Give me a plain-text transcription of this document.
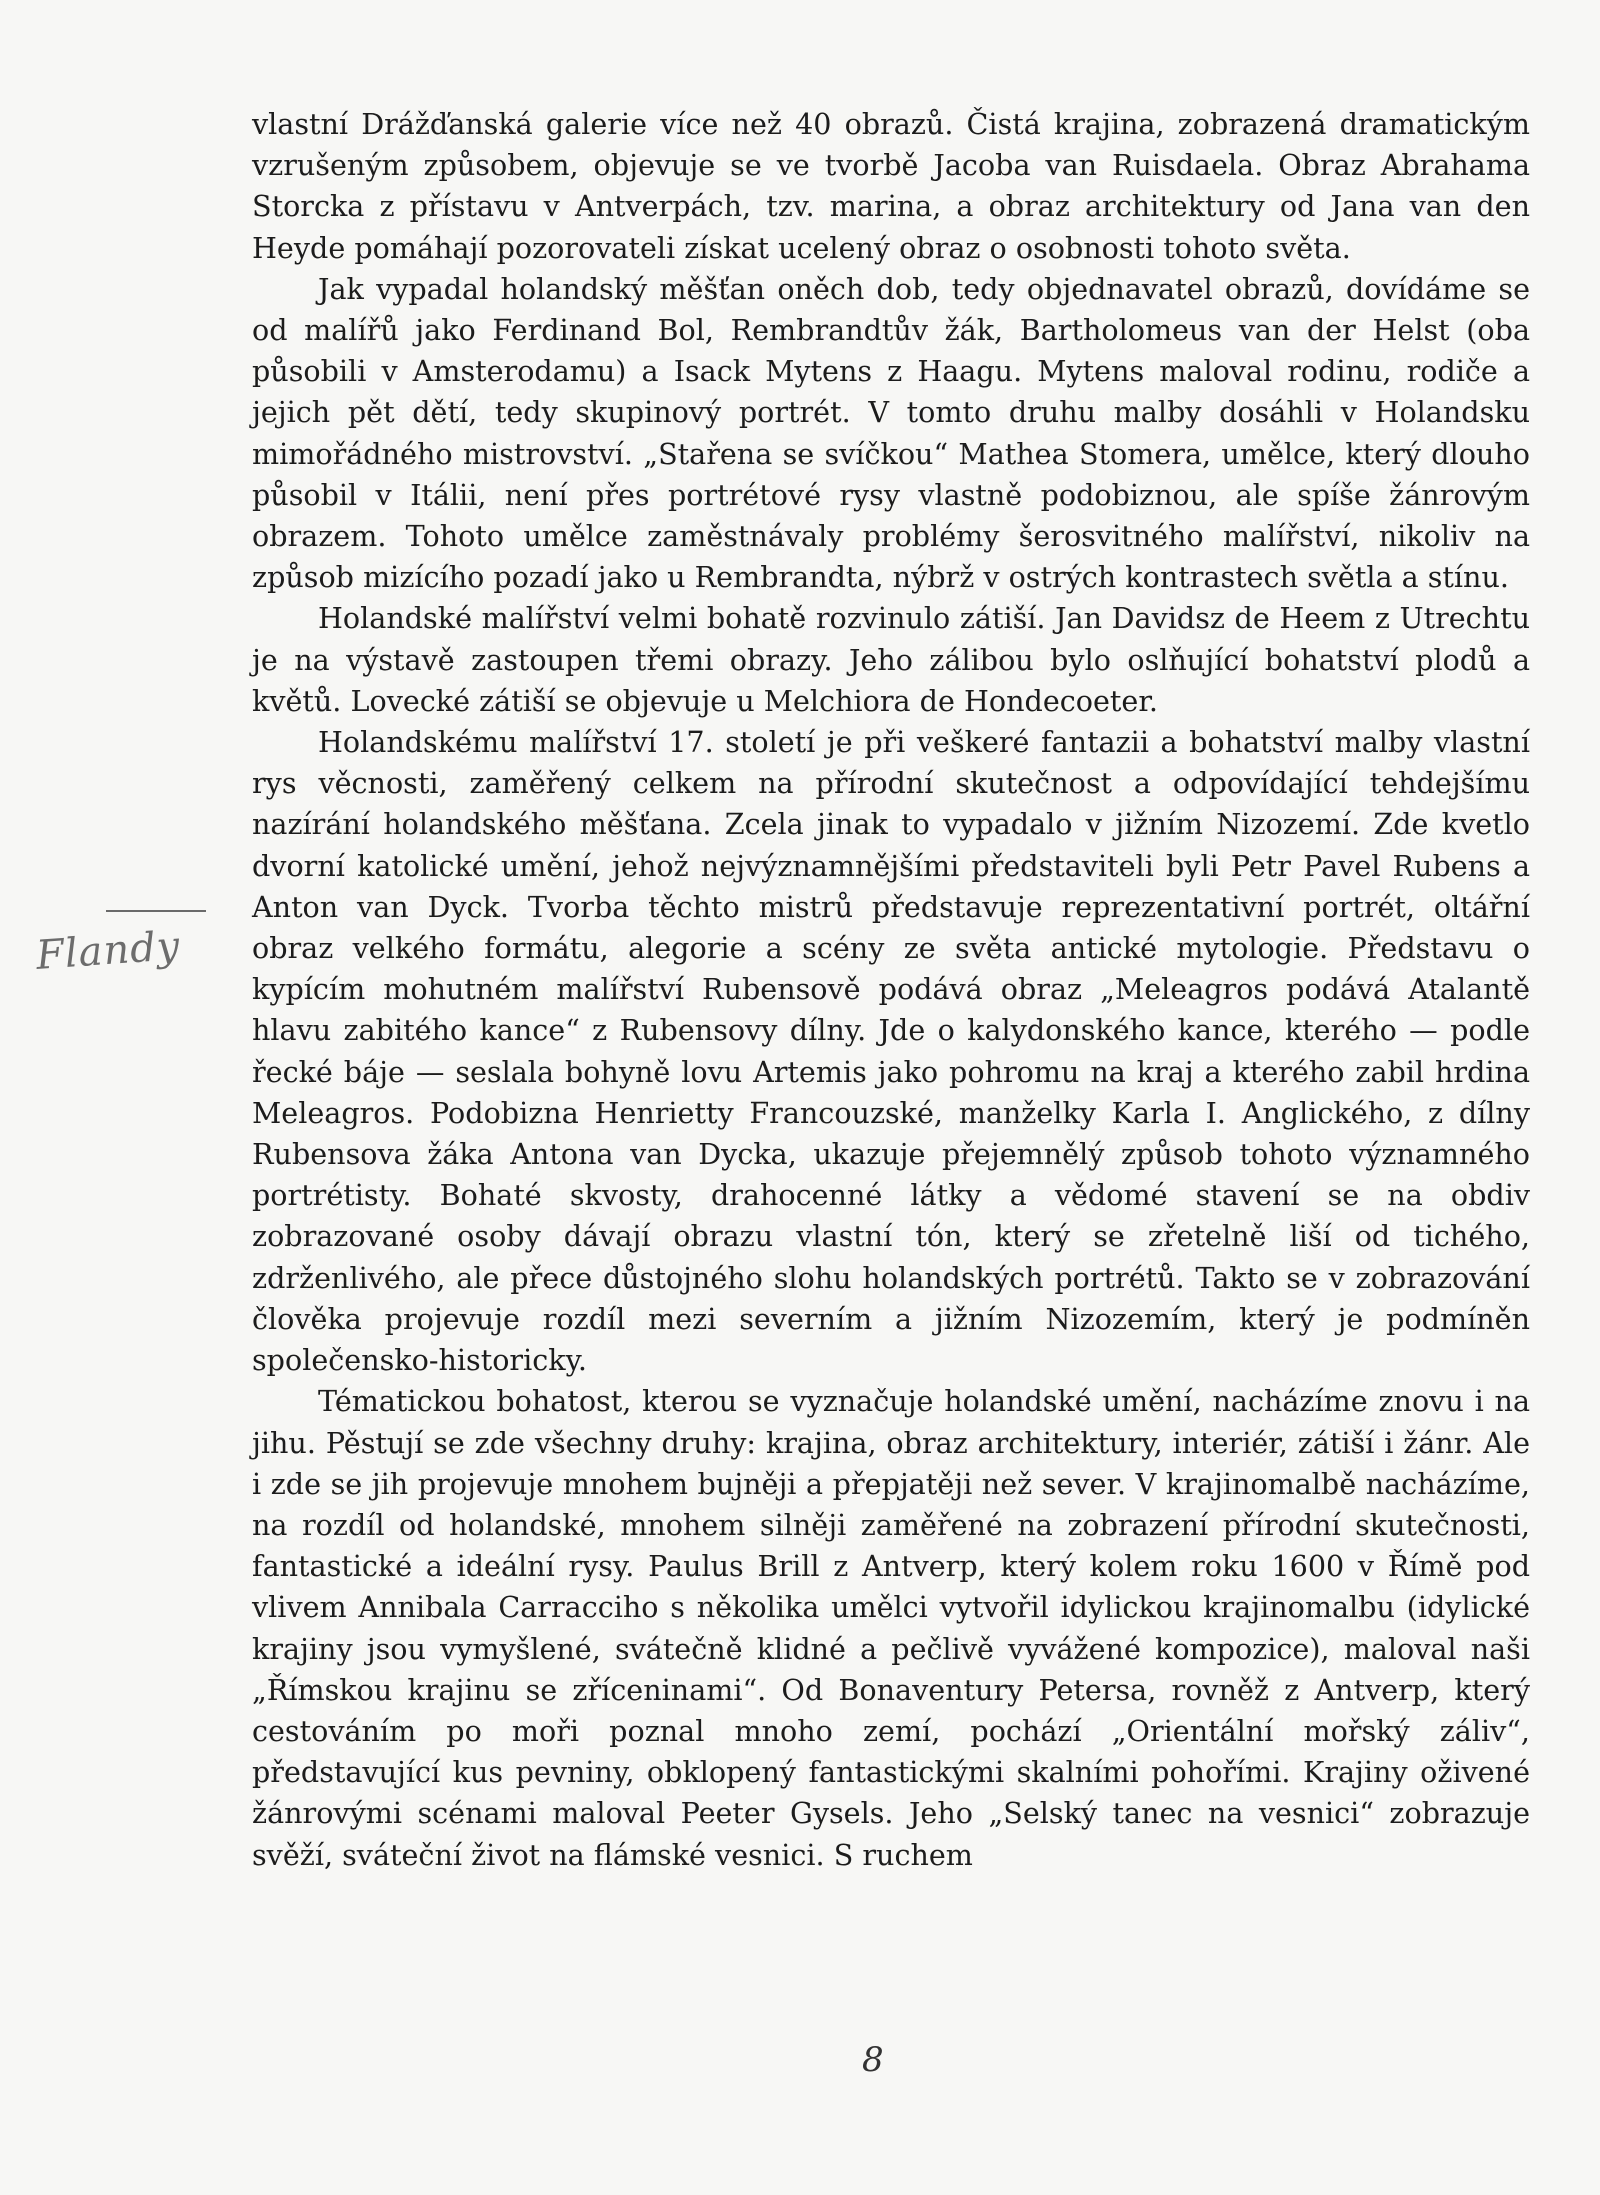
vlastní Drážďanská galerie více než 40 obrazů. Čistá krajina, zobrazená dramatickým vzrušeným způsobem, objevuje se ve tvorbě Jacoba van Ruisdaela. Obraz Abrahama Storcka z přístavu v Antverpách, tzv. marina, a obraz architektury od Jana van den Heyde pomáhají pozorovateli získat ucelený obraz o osobnosti tohoto světa.

Jak vypadal holandský měšťan oněch dob, tedy objednavatel obrazů, dovídáme se od malířů jako Ferdinand Bol, Rembrandtův žák, Bartholomeus van der Helst (oba působili v Amsterodamu) a Isack Mytens z Haagu. Mytens maloval rodinu, rodiče a jejich pět dětí, tedy skupinový portrét. V tomto druhu malby dosáhli v Holandsku mimořádného mistrovství. „Stařena se svíčkou“ Mathea Stomera, umělce, který dlouho působil v Itálii, není přes portrétové rysy vlastně podobiznou, ale spíše žánrovým obrazem. Tohoto umělce zaměstnávaly problémy šerosvitného malířství, nikoliv na způsob mizícího pozadí jako u Rembrandta, nýbrž v ostrých kontrastech světla a stínu.

Holandské malířství velmi bohatě rozvinulo zátiší. Jan Davidsz de Heem z Utrechtu je na výstavě zastoupen třemi obrazy. Jeho zálibou bylo oslňující bohatství plodů a květů. Lovecké zátiší se objevuje u Melchiora de Hondecoeter.

Holandskému malířství 17. století je při veškeré fantazii a bohatství malby vlastní rys věcnosti, zaměřený celkem na přírodní skutečnost a odpovídající tehdejšímu nazírání holandského měšťana. Zcela jinak to vypadalo v jižním Nizozemí. Zde kvetlo dvorní katolické umění, jehož nejvýznamnějšími představiteli byli Petr Pavel Rubens a Anton van Dyck. Tvorba těchto mistrů představuje reprezentativní portrét, oltářní obraz velkého formátu, alegorie a scény ze světa antické mytologie. Představu o kypícím mohutném malířství Rubensově podává obraz „Meleagros podává Atalantě hlavu zabitého kance“ z Rubensovy dílny. Jde o kalydonského kance, kterého — podle řecké báje — seslala bohyně lovu Artemis jako pohromu na kraj a kterého zabil hrdina Meleagros. Podobizna Henrietty Francouzské, manželky Karla I. Anglického, z dílny Rubensova žáka Antona van Dycka, ukazuje přejemnělý způsob tohoto významného portrétisty. Bohaté skvosty, drahocenné látky a vědomé stavení se na obdiv zobrazované osoby dávají obrazu vlastní tón, který se zřetelně liší od tichého, zdrženlivého, ale přece důstojného slohu holandských portrétů. Takto se v zobrazování člověka projevuje rozdíl mezi severním a jižním Nizozemím, který je podmíněn společensko-historicky.

Tématickou bohatost, kterou se vyznačuje holandské umění, nacházíme znovu i na jihu. Pěstují se zde všechny druhy: krajina, obraz architektury, interiér, zátiší i žánr. Ale i zde se jih projevuje mnohem bujněji a přepjatěji než sever. V krajinomalbě nacházíme, na rozdíl od holandské, mnohem silněji zaměřené na zobrazení přírodní skutečnosti, fantastické a ideální rysy. Paulus Brill z Antverp, který kolem roku 1600 v Římě pod vlivem Annibala Carracciho s několika umělci vytvořil idylickou krajinomalbu (idylické krajiny jsou vymyšlené, svátečně klidné a pečlivě vyvážené kompozice), maloval naši „Římskou krajinu se zříceninami“. Od Bonaventury Petersa, rovněž z Antverp, který cestováním po moři poznal mnoho zemí, pochází „Orientální mořský záliv“, představující kus pevniny, obklopený fantastickými skalními pohořími. Krajiny oživené žánrovými scénami maloval Peeter Gysels. Jeho „Selský tanec na vesnici“ zobrazuje svěží, sváteční život na flámské vesnici. S ruchem

Flandy
8
